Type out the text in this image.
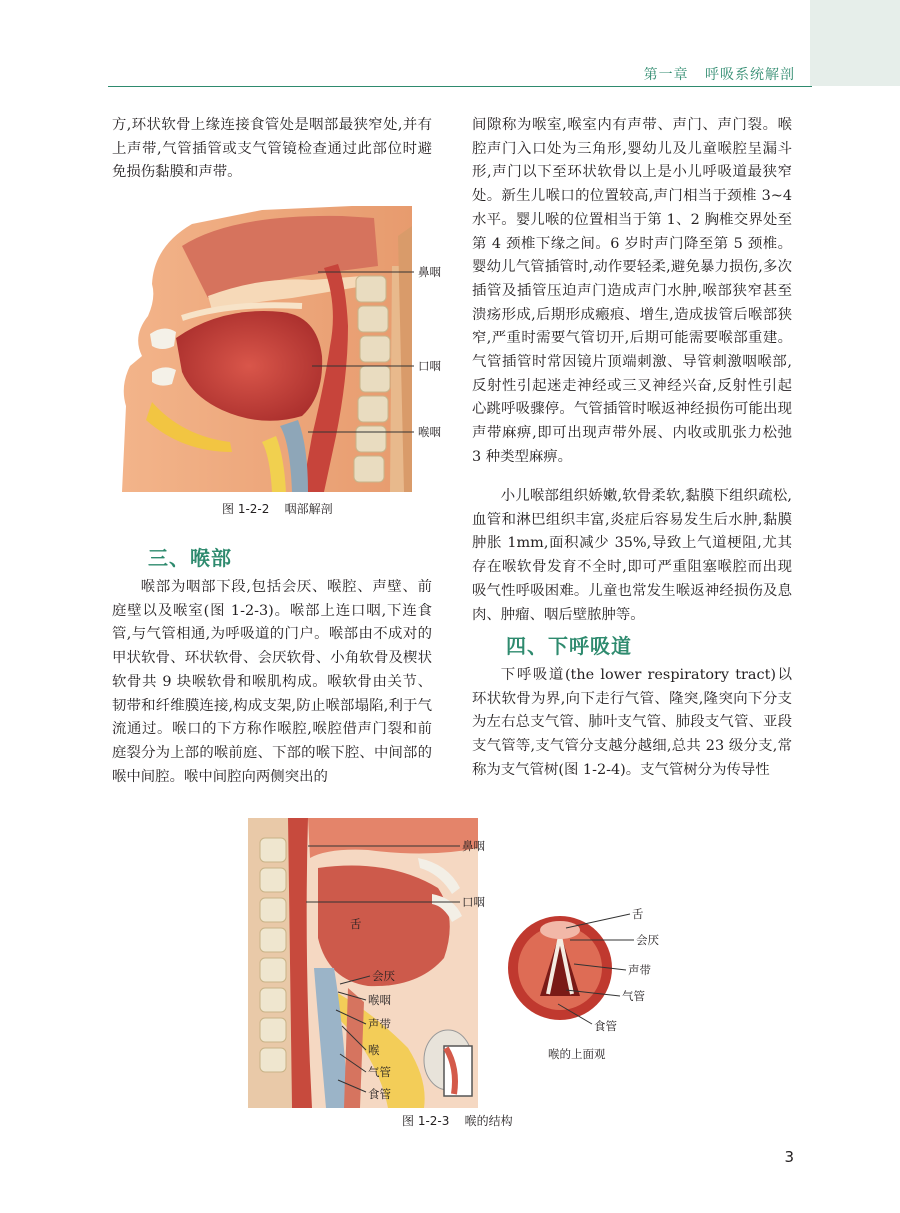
第一章   呼吸系统解剖

方,环状软骨上缘连接食管处是咽部最狭窄处,并有上声带,气管插管或支气管镜检查通过此部位时避免损伤黏膜和声带。

鼻咽
口咽
喉咽
图 1-2-2    咽部解剖
三、喉部

喉部为咽部下段,包括会厌、喉腔、声壁、前庭壁以及喉室(图 1-2-3)。喉部上连口咽,下连食管,与气管相通,为呼吸道的门户。喉部由不成对的甲状软骨、环状软骨、会厌软骨、小角软骨及楔状软骨共 9 块喉软骨和喉肌构成。喉软骨由关节、韧带和纤维膜连接,构成支架,防止喉部塌陷,利于气流通过。喉口的下方称作喉腔,喉腔借声门裂和前庭裂分为上部的喉前庭、下部的喉下腔、中间部的喉中间腔。喉中间腔向两侧突出的

间隙称为喉室,喉室内有声带、声门、声门裂。喉腔声门入口处为三角形,婴幼儿及儿童喉腔呈漏斗形,声门以下至环状软骨以上是小儿呼吸道最狭窄处。新生儿喉口的位置较高,声门相当于颈椎 3~4 水平。婴儿喉的位置相当于第 1、2 胸椎交界处至第 4 颈椎下缘之间。6 岁时声门降至第 5 颈椎。婴幼儿气管插管时,动作要轻柔,避免暴力损伤,多次插管及插管压迫声门造成声门水肿,喉部狭窄甚至溃疡形成,后期形成瘢痕、增生,造成拔管后喉部狭窄,严重时需要气管切开,后期可能需要喉部重建。气管插管时常因镜片顶端刺激、导管刺激咽喉部,反射性引起迷走神经或三叉神经兴奋,反射性引起心跳呼吸骤停。气管插管时喉返神经损伤可能出现声带麻痹,即可出现声带外展、内收或肌张力松弛 3 种类型麻痹。

小儿喉部组织娇嫩,软骨柔软,黏膜下组织疏松,血管和淋巴组织丰富,炎症后容易发生后水肿,黏膜肿胀 1mm,面积减少 35%,导致上气道梗阻,尤其存在喉软骨发育不全时,即可严重阻塞喉腔而出现吸气性呼吸困难。儿童也常发生喉返神经损伤及息肉、肿瘤、咽后壁脓肿等。

四、下呼吸道

下呼吸道(the lower respiratory tract)以环状软骨为界,向下走行气管、隆突,隆突向下分支为左右总支气管、肺叶支气管、肺段支气管、亚段支气管等,支气管分支越分越细,总共 23 级分支,常称为支气管树(图 1-2-4)。支气管树分为传导性

鼻咽
口咽
舌
会厌
喉咽
声带
喉
气管
食管
舌
会厌
声带
气管
食管
喉的上面观
图 1-2-3    喉的结构
3
